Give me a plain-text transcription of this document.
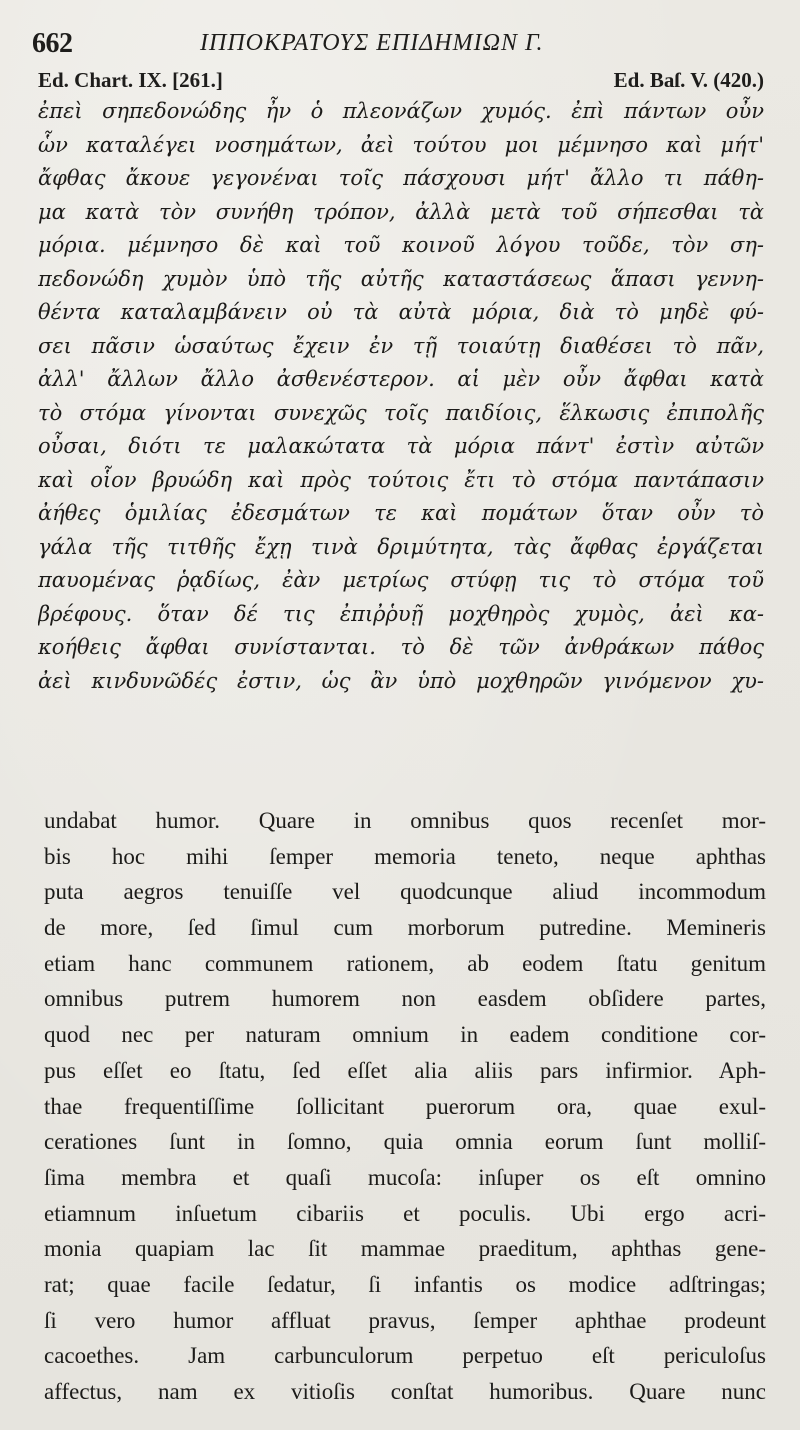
662	ΙΠΠΟΚΡΑΤΟΥΣ ΕΠΙΔΗΜΙΩΝ Γ.
Ed. Chart. IX. [261.]	Ed. Baſ. V. (420.)
ἐπεὶ σηπεδονώδης ἦν ὁ πλεονάζων χυμός. ἐπὶ πάντων οὖν
ὧν καταλέγει νοσημάτων, ἀεὶ τούτου μοι μέμνησο καὶ μήτ'
ἄφθας ἄκουε γεγονέναι τοῖς πάσχουσι μήτ' ἄλλο τι πάθη-
μα κατὰ τὸν συνήθη τρόπον, ἀλλὰ μετὰ τοῦ σήπεσθαι τὰ
μόρια. μέμνησο δὲ καὶ τοῦ κοινοῦ λόγου τοῦδε, τὸν ση-
πεδονώδη χυμὸν ὑπὸ τῆς αὐτῆς καταστάσεως ἅπασι γεννη-
θέντα καταλαμβάνειν οὐ τὰ αὐτὰ μόρια, διὰ τὸ μηδὲ φύ-
σει πᾶσιν ὡσαύτως ἔχειν ἐν τῇ τοιαύτῃ διαθέσει τὸ πᾶν,
ἀλλ' ἄλλων ἄλλο ἀσθενέστερον. αἱ μὲν οὖν ἄφθαι κατὰ
τὸ στόμα γίνονται συνεχῶς τοῖς παιδίοις, ἕλκωσις ἐπιπολῆς
οὖσαι, διότι τε μαλακώτατα τὰ μόρια πάντ' ἐστὶν αὐτῶν
καὶ οἷον βρυώδη καὶ πρὸς τούτοις ἔτι τὸ στόμα παντάπασιν
ἀήθες ὁμιλίας ἐδεσμάτων τε καὶ πομάτων ὅταν οὖν τὸ
γάλα τῆς τιτθῆς ἔχῃ τινὰ δριμύτητα, τὰς ἄφθας ἐργάζεται
παυομένας ῥᾳδίως, ἐὰν μετρίως στύφῃ τις τὸ στόμα τοῦ
βρέφους. ὅταν δέ τις ἐπιῤῥυῇ μοχθηρὸς χυμὸς, ἀεὶ κα-
κοήθεις ἄφθαι συνίστανται. τὸ δὲ τῶν ἀνθράκων πάθος
ἀεὶ κινδυνῶδές ἐστιν, ὡς ἂν ὑπὸ μοχθηρῶν γινόμενον χυ-
undabat humor. Quare in omnibus quos recenſet mor-
bis hoc mihi ſemper memoria teneto, neque aphthas
puta aegros tenuiſſe vel quodcunque aliud incommodum
de more, ſed ſimul cum morborum putredine. Memineris
etiam hanc communem rationem, ab eodem ſtatu genitum
omnibus putrem humorem non easdem obſidere partes,
quod nec per naturam omnium in eadem conditione cor-
pus eſſet eo ſtatu, ſed eſſet alia aliis pars infirmior. Aph-
thae frequentiſſime ſollicitant puerorum ora, quae exul-
cerationes ſunt in ſomno, quia omnia eorum ſunt molliſ-
ſima membra et quaſi mucoſa: inſuper os eſt omnino
etiamnum inſuetum cibariis et poculis. Ubi ergo acri-
monia quapiam lac ſit mammae praeditum, aphthas gene-
rat; quae facile ſedatur, ſi infantis os modice adſtringas;
ſi vero humor affluat pravus, ſemper aphthae prodeunt
cacoethes. Jam carbunculorum perpetuo eſt periculoſus
affectus, nam ex vitioſis conſtat humoribus. Quare nunc
